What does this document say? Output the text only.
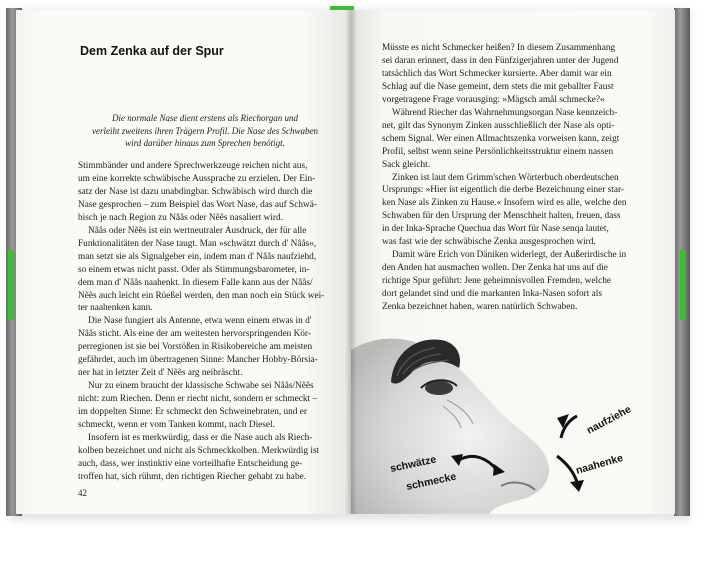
Dem Zenka auf der Spur

Die normale Nase dient erstens als Riechorgan und

verleiht zweitens ihren Trägern Profil. Die Nase des Schwaben

wird darüber hinaus zum Sprechen benötigt.

Stimmbänder und andere Sprechwerkzeuge reichen nicht aus,

um eine korrekte schwäbische Aussprache zu erzielen. Der Ein-

satz der Nase ist dazu unabdingbar. Schwäbisch wird durch die

Nase gesprochen – zum Beispiel das Wort Nase, das auf Schwä-

bisch je nach Region zu Nâås oder Nẽẽs nasaliert wird.

Nâås oder Nẽẽs ist ein wertneutraler Ausdruck, der für alle

Funktionalitäten der Nase taugt. Man »schwätzt durch d' Nâås«,

man setzt sie als Signalgeber ein, indem man d' Nâås naufziehd,

so einem etwas nicht passt. Oder als Stimmungsbarometer, in-

dem man d' Nâås naahenkt. In diesem Falle kann aus der Nâås/

Nẽẽs auch leicht ein Rüeßel werden, den man noch ein Stück wei-

ter naahenken kann.

Die Nase fungiert als Antenne, etwa wenn einem etwas in d'

Nâås sticht. Als eine der am weitesten hervorspringenden Kör-

perregionen ist sie bei Vorstößen in Risikobereiche am meisten

gefährdet, auch im übertragenen Sinne: Mancher Hobby-Börsia-

ner hat in letzter Zeit d' Nẽẽs arg neibräscht.

Nur zu einem braucht der klassische Schwabe sei Nâås/Nẽẽs

nicht: zum Riechen. Denn er riecht nicht, sondern er schmeckt –

im doppelten Sinne: Er schmeckt den Schweinebraten, und er

schmeckt, wenn er vom Tanken kommt, nach Diesel.

Insofern ist es merkwürdig, dass er die Nase auch als Riech-

kolben bezeichnet und nicht als Schmeckkolben. Merkwürdig ist

auch, dass, wer instinktiv eine vorteilhafte Entscheidung ge-

troffen hat, sich rühmt, den richtigen Riecher gehabt zu habe.

42

Müsste es nicht Schmecker heißen? In diesem Zusammenhang

sei daran erinnert, dass in den Fünfzigerjahren unter der Jugend

tatsächlich das Wort Schmecker kursierte. Aber damit war ein

Schlag auf die Nase gemeint, dem stets die mit geballter Faust

vorgetragene Frage vorausging: »Mägsch amål schmecke?«

Während Riecher das Wahrnehmungsorgan Nase kennzeich-

net, gilt das Synonym Zinken ausschließlich der Nase als opti-

schem Signal. Wer einen Allmachtszenka vorweisen kann, zeigt

Profil, selbst wenn seine Persönlichkeitsstruktur einem nassen

Sack gleicht.

Zinken ist laut dem Grimm'schen Wörterbuch oberdeutschen

Ursprungs: »Hier ist eigentlich die derbe Bezeichnung einer star-

ken Nase als Zinken zu Hause.« Insofern wird es alle, welche den

Schwaben für den Ursprung der Menschheit halten, freuen, dass

in der Inka-Sprache Quechua das Wort für Nase senqa lautet,

was fast wie der schwäbische Zenka ausgesprochen wird.

Damit wäre Erich von Däniken widerlegt, der Außerirdische in

den Anden hat ausmachen wollen. Der Zenka hat uns auf die

richtige Spur geführt: Jene geheimnisvollen Fremden, welche

dort gelandet sind und die markanten Inka-Nasen sofort als

Zenka bezeichnet haben, waren natürlich Schwaben.

naufziehe
naahenke
schwätze
schmecke
